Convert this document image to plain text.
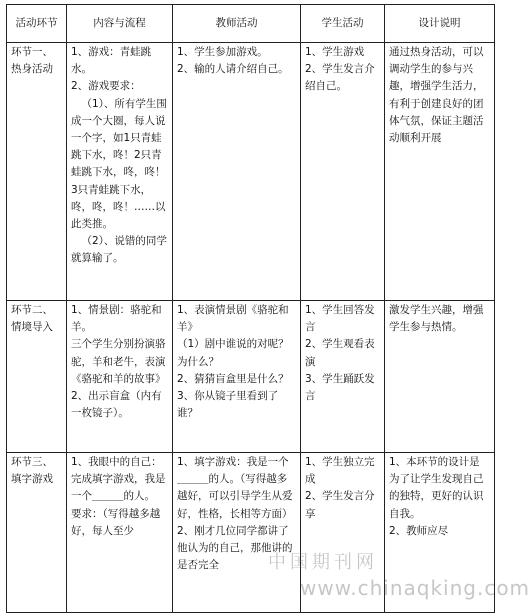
活动环节	内容与流程	教师活动	学生活动	设计说明

环节一、热身活动	1、游戏：青蛙跳水。
2、游戏要求：
（1）、所有学生围成一个大圈，每人说一个字，如1只青蛙跳下水，咚！2只青蛙跳下水，咚，咚！3只青蛙跳下水，咚，咚，咚！……以此类推。
（2）、说错的同学就算输了。	1、学生参加游戏。
2、输的人请介绍自己。	1、学生游戏
2、学生发言介绍自己。	通过热身活动，可以调动学生的参与兴趣，增强学生活力，有利于创建良好的团体气氛，保证主题活动顺利开展

环节二、情境导入	1、情景剧：骆驼和羊。
三个学生分别扮演骆驼，羊和老牛，表演《骆驼和羊的故事》
2、出示盲盒（内有一枚镜子）。	1、表演情景剧《骆驼和羊》
（1）剧中谁说的对呢？为什么？
2、猜猜盲盒里是什么？
3、你从镜子里看到了谁？	1、学生回答发言
2、学生观看表演
3、学生踊跃发言	激发学生兴趣，增强学生参与热情。

环节三、填字游戏	1、我眼中的自己：完成填字游戏，我是一个＿＿＿的人。
要求：（写得越多越好，每人至少	1、填字游戏：我是一个＿＿＿的人。（写得越多越好，可以引导学生从爱好，性格，长相等方面）
2、刚才几位同学都讲了他认为的自己，那他讲的是否完全	1、学生独立完成
2、学生发言分享	1、本环节的设计是为了让学生发现自己的独特，更好的认识自我。
2、教师应尽
中国期刊网
www.chinaqking.com
